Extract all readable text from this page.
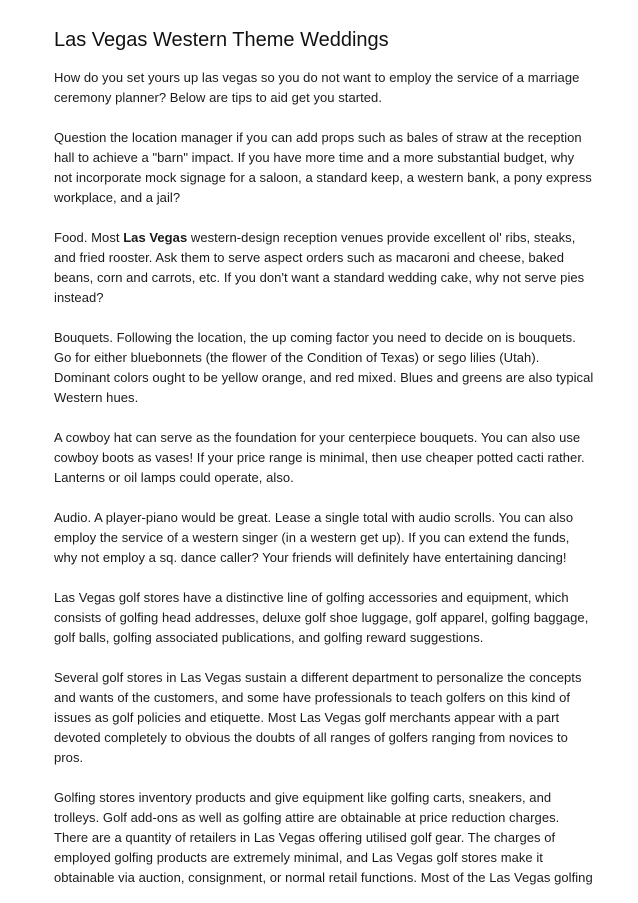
Las Vegas Western Theme Weddings

How do you set yours up las vegas so you do not want to employ the service of a marriage ceremony planner? Below are tips to aid get you started.

Question the location manager if you can add props such as bales of straw at the reception hall to achieve a "barn" impact. If you have more time and a more substantial budget, why not incorporate mock signage for a saloon, a standard keep, a western bank, a pony express workplace, and a jail?

Food. Most Las Vegas western-design reception venues provide excellent ol' ribs, steaks, and fried rooster. Ask them to serve aspect orders such as macaroni and cheese, baked beans, corn and carrots, etc. If you don't want a standard wedding cake, why not serve pies instead?

Bouquets. Following the location, the up coming factor you need to decide on is bouquets. Go for either bluebonnets (the flower of the Condition of Texas) or sego lilies (Utah). Dominant colors ought to be yellow orange, and red mixed. Blues and greens are also typical Western hues.

A cowboy hat can serve as the foundation for your centerpiece bouquets. You can also use cowboy boots as vases! If your price range is minimal, then use cheaper potted cacti rather. Lanterns or oil lamps could operate, also.

Audio. A player-piano would be great. Lease a single total with audio scrolls. You can also employ the service of a western singer (in a western get up). If you can extend the funds, why not employ a sq. dance caller? Your friends will definitely have entertaining dancing!

Las Vegas golf stores have a distinctive line of golfing accessories and equipment, which consists of golfing head addresses, deluxe golf shoe luggage, golf apparel, golfing baggage, golf balls, golfing associated publications, and golfing reward suggestions.

Several golf stores in Las Vegas sustain a different department to personalize the concepts and wants of the customers, and some have professionals to teach golfers on this kind of issues as golf policies and etiquette. Most Las Vegas golf merchants appear with a part devoted completely to obvious the doubts of all ranges of golfers ranging from novices to pros.

Golfing stores inventory products and give equipment like golfing carts, sneakers, and trolleys. Golf add-ons as well as golfing attire are obtainable at price reduction charges. There are a quantity of retailers in Las Vegas offering utilised golf gear. The charges of employed golfing products are extremely minimal, and Las Vegas golf stores make it obtainable via auction, consignment, or normal retail functions. Most of the Las Vegas golfing
